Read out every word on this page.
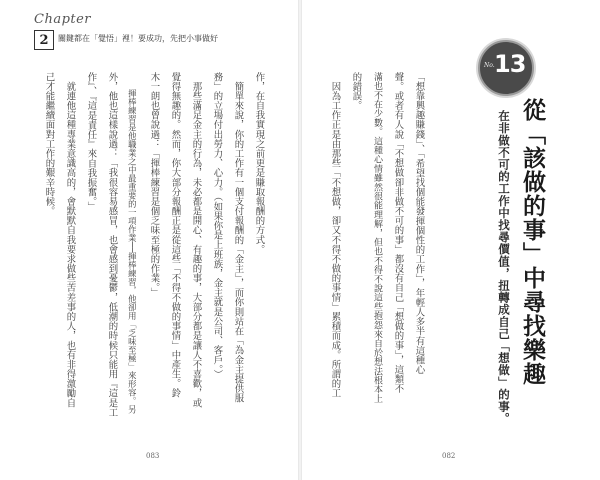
Chapter
2	關鍵都在「覺悟」裡！要成功，先把小事做好
作，在自我實現之前更是賺取報酬的方式。
　簡單來說，你的工作有一個支付報酬的「金主」，而你則站在「為金主提供服
務」的立場付出勞力、心力。（如果你是上班族，金主就是公司、客戶。）
　那些滿足金主的行為，未必都是開心、有趣的事，大部分都是讓人不喜歡，或
覺得無趣的。然而，你大部分報酬正是從這些「不得不做的事情」中產生。鈴
木一朗也曾說過：「揮棒練習是個乏味至極的作業。」
　　揮棒練習是他職業之中最重要的一項作業──揮棒練習，他卻用「乏味至極」來形容。另
外，他也這樣說過：「我很容易感冒，也會感到憂鬱，低潮的時候只能用『這是工
作』、『這是責任』來自我振奮。」
　就連他這種專業意識高的，會默默自我要求做些苦差事的人，也有非得激勵自
己才能繼續面對工作的艱辛時候。
083	082
No. 13
從「該做的事」中尋找樂趣
在非做不可的工作中找尋價值，扭轉成自己「想做」的事。
「想靠興趣賺錢」、「希望找個能發揮個性的工作」，年輕人多半有這種心
聲。或者有人說「不想做卻非做不可的事」都沒有自己「想做的事」，這類不
滿也不在少數。這種心情雖然很能理解，但也不得不說這些抱怨來自於想法根本上
的錯誤。
　因為工作正是由那些「不想做，卻又不得不做的事情」累積而成。所謂的工
